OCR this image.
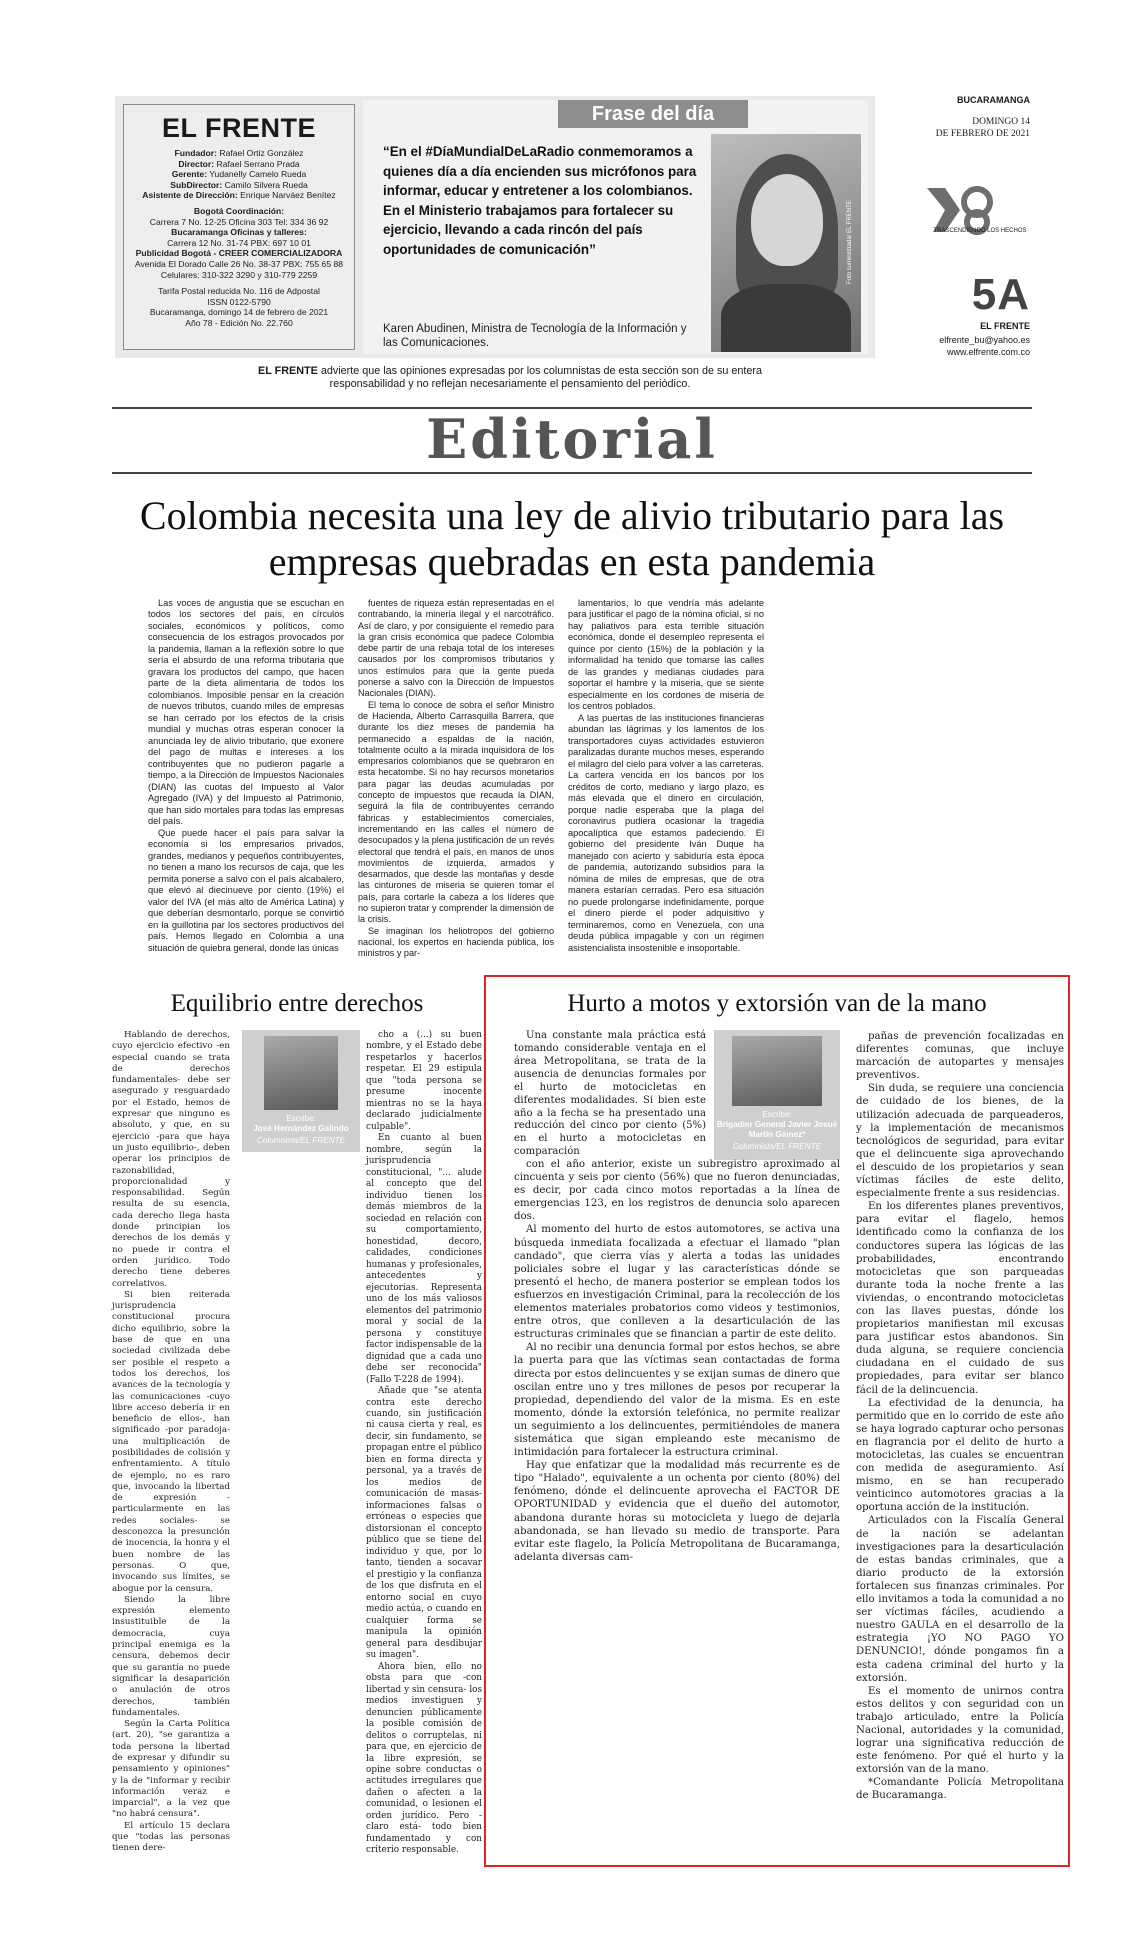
EL FRENTE
Fundador: Rafael Ortiz González
Director: Rafael Serrano Prada
Gerente: Yudanelly Camelo Rueda
SubDirector: Camilo Silvera Rueda
Asistente de Dirección: Enrique Narváez Benítez
Bogotá Coordinación:
Carrera 7 No. 12-25 Oficina 303 Tel: 334 36 92
Bucaramanga Oficinas y talleres:
Carrera 12 No. 31-74 PBX: 697 10 01
Publicidad Bogotá - CREER COMERCIALIZADORA
Avenida El Dorado Calle 26 No. 38-37 PBX: 755 65 88
Celulares: 310-322 3290 y 310-779 2259
Tarifa Postal reducida No. 116 de Adpostal
ISSN 0122-5790
Bucaramanga, domingo 14 de febrero de 2021
Año 78 - Edición No. 22.760
Frase del día
“En el #DíaMundialDeLaRadio conmemoramos a quienes día a día encienden sus micrófonos para informar, educar y entretener a los colombianos. En el Ministerio trabajamos para fortalecer su ejercicio, llevando a cada rincón del país oportunidades de comunicación”
Karen Abudinen, Ministra de Tecnología de la Información y las Comunicaciones.
Foto suministrada/ EL FRENTE
BUCARAMANGA
DOMINGO 14
DE FEBRERO DE 2021
TRASCENDIENDO LOS HECHOS
5A
EL FRENTE
elfrente_bu@yahoo.es
www.elfrente.com.co
EL FRENTE advierte que las opiniones expresadas por los columnistas de esta sección son de su entera responsabilidad y no reflejan necesariamente el pensamiento del periódico.
Editorial
Colombia necesita una ley de alivio tributario para las empresas quebradas en esta pandemia

Las voces de angustia que se escuchan en todos los sectores del país, en círculos sociales, económicos y políticos, como consecuencia de los estragos provocados por la pandemia, llaman a la reflexión sobre lo que sería el absurdo de una reforma tributaria que gravara los productos del campo, que hacen parte de la dieta alimentaria de todos los colombianos. Imposible pensar en la creación de nuevos tributos, cuando miles de empresas se han cerrado por los efectos de la crisis mundial y muchas otras esperan conocer la anunciada ley de alivio tributario, que exonere del pago de multas e intereses a los contribuyentes que no pudieron pagarle a tiempo, a la Dirección de Impuestos Nacionales (DIAN) las cuotas del Impuesto al Valor Agregado (IVA) y del Impuesto al Patrimonio, que han sido mortales para todas las empresas del país.

Que puede hacer el país para salvar la economía si los empresarios privados, grandes, medianos y pequeños contribuyentes, no tienen a mano los recursos de caja, que les permita ponerse a salvo con el país alcabalero, que elevó al diecinueve por ciento (19%) el valor del IVA (el más alto de América Latina) y que deberían desmontarlo, porque se convirtió en la guillotina par los sectores productivos del país. Hemos llegado en Colombia a una situación de quiebra general, donde las únicas

fuentes de riqueza están representadas en el contrabando, la minería ilegal y el narcotráfico. Así de claro, y por consiguiente el remedio para la gran crisis económica que padece Colombia debe partir de una rebaja total de los intereses causados por los compromisos tributarios y unos estímulos para que la gente pueda ponerse a salvo con la Dirección de Impuestos Nacionales (DIAN).

El tema lo conoce de sobra el señor Ministro de Hacienda, Alberto Carrasquilla Barrera, que durante los diez meses de pandemia ha permanecido a espaldas de la nación, totalmente oculto a la mirada inquisidora de los empresarios colombianos que se quebraron en esta hecatombe. Si no hay recursos monetarios para pagar las deudas acumuladas por concepto de impuestos que recauda la DIAN, seguirá la fila de contribuyentes cerrando fábricas y establecimientos comerciales, incrementando en las calles el número de desocupados y la plena justificación de un revés electoral que tendrá el país, en manos de unos movimientos de izquierda, armados y desarmados, que desde las montañas y desde las cinturones de miseria se quieren tomar el país, para cortarle la cabeza a los líderes que no supieron tratar y comprender la dimensión de la crisis.

Se imaginan los heliotropos del gobierno nacional, los expertos en hacienda pública, los ministros y par-

lamentarios, lo que vendría más adelante para justificar el pago de la nómina oficial, si no hay paliativos para esta terrible situación económica, donde el desempleo representa el quince por ciento (15%) de la población y la informalidad ha tenido que tomarse las calles de las grandes y medianas ciudades para soportar el hambre y la miseria, que se siente especialmente en los cordones de miseria de los centros poblados.

A las puertas de las instituciones financieras abundan las lágrimas y los lamentos de los transportadores cuyas actividades estuvieron paralizadas durante muchos meses, esperando el milagro del cielo para volver a las carreteras. La cartera vencida en los bancos por los créditos de corto, mediano y largo plazo, es más elevada que el dinero en circulación, porque nadie esperaba que la plaga del coronavirus pudiera ocasionar la tragedia apocalíptica que estamos padeciendo. El gobierno del presidente Iván Duque ha manejado con acierto y sabiduría esta época de pandemia, autorizando subsidios para la nómina de miles de empresas, que de otra manera estarían cerradas. Pero esa situación no puede prolongarse indefinidamente, porque el dinero pierde el poder adquisitivo y terminaremos, como en Venezuela, con una deuda pública impagable y con un régimen asistencialista insostenible e insoportable.

Equilibrio entre derechos

Hablando de derechos, cuyo ejercicio efectivo -en especial cuando se trata de derechos fundamentales- debe ser asegurado y resguardado por el Estado, hemos de expresar que ninguno es absoluto, y que, en su ejercicio -para que haya un justo equilibrio-, deben operar los principios de razonabilidad, proporcionalidad y responsabilidad. Según resulta de su esencia, cada derecho llega hasta donde principian los derechos de los demás y no puede ir contra el orden jurídico. Todo derecho tiene deberes correlativos.

Si bien reiterada jurisprudencia constitucional procura dicho equilibrio, sobre la base de que en una sociedad civilizada debe ser posible el respeto a todos los derechos, los avances de la tecnología y las comunicaciones -cuyo libre acceso debería ir en beneficio de ellos-, han significado -por paradoja- una multiplicación de posibilidades de colisión y enfrentamiento. A título de ejemplo, no es raro que, invocando la libertad de expresión -particularmente en las redes sociales- se desconozca la presunción de inocencia, la honra y el buen nombre de las personas. O que, invocando sus límites, se abogue por la censura.

Siendo la libre expresión elemento insustituible de la democracia, cuya principal enemiga es la censura, debemos decir que su garantía no puede significar la desaparición o anulación de otros derechos, también fundamentales.

Según la Carta Política (art. 20), "se garantiza a toda persona la libertad de expresar y difundir su pensamiento y opiniones" y la de "informar y recibir información veraz e imparcial", a la vez que "no habrá censura".

El artículo 15 declara que "todas las personas tienen dere-

Escribe:
José Hernández Galindo
Columnista/EL FRENTE

cho a (...) su buen nombre, y el Estado debe respetarlos y hacerlos respetar. El 29 estipula que "toda persona se presume inocente mientras no se la haya declarado judicialmente culpable".

En cuanto al buen nombre, según la jurisprudencia constitucional, "... alude al concepto que del individuo tienen los demás miembros de la sociedad en relación con su comportamiento, honestidad, decoro, calidades, condiciones humanas y profesionales, antecedentes y ejecutorias. Representa uno de los más valiosos elementos del patrimonio moral y social de la persona y constituye factor indispensable de la dignidad que a cada uno debe ser reconocida" (Fallo T-228 de 1994).

Añade que "se atenta contra este derecho cuando, sin justificación ni causa cierta y real, es decir, sin fundamento, se propagan entre el público bien en forma directa y personal, ya a través de los medios de comunicación de masas- informaciones falsas o erróneas o especies que distorsionan el concepto público que se tiene del individuo y que, por lo tanto, tienden a socavar el prestigio y la confianza de los que disfruta en el entorno social en cuyo medio actúa, o cuando en cualquier forma se manipula la opinión general para desdibujar su imagen".

Ahora bien, ello no obsta para que -con libertad y sin censura- los medios investiguen y denuncien públicamente la posible comisión de delitos o corruptelas, ni para que, en ejercicio de la libre expresión, se opine sobre conductas o actitudes irregulares que dañen o afecten a la comunidad, o lesionen el orden jurídico. Pero -claro está- todo bien fundamentado y con criterio responsable.

Hurto a motos y extorsión van de la mano

Una constante mala práctica está tomando considerable ventaja en el área Metropolitana, se trata de la ausencia de denuncias formales por el hurto de motocicletas en diferentes modalidades. Si bien este año a la fecha se ha presentado una reducción del cinco por ciento (5%) en el hurto a motocicletas en comparación

Escribe:
Brigadier General Javier Josué Martín Gámez*
Columnista/EL FRENTE

con el año anterior, existe un subregistro aproximado al cincuenta y seis por ciento (56%) que no fueron denunciadas, es decir, por cada cinco motos reportadas a la línea de emergencias 123, en los registros de denuncia solo aparecen dos.

Al momento del hurto de estos automotores, se activa una búsqueda inmediata focalizada a efectuar el llamado "plan candado", que cierra vías y alerta a todas las unidades policiales sobre el lugar y las características dónde se presentó el hecho, de manera posterior se emplean todos los esfuerzos en investigación Criminal, para la recolección de los elementos materiales probatorios como videos y testimonios, entre otros, que conlleven a la desarticulación de las estructuras criminales que se financian a partir de este delito.

Al no recibir una denuncia formal por estos hechos, se abre la puerta para que las víctimas sean contactadas de forma directa por estos delincuentes y se exijan sumas de dinero que oscilan entre uno y tres millones de pesos por recuperar la propiedad, dependiendo del valor de la misma. Es en este momento, dónde la extorsión telefónica, no permite realizar un seguimiento a los delincuentes, permitiéndoles de manera sistemática que sigan empleando este mecanismo de intimidación para fortalecer la estructura criminal.

Hay que enfatizar que la modalidad más recurrente es de tipo "Halado", equivalente a un ochenta por ciento (80%) del fenómeno, dónde el delincuente aprovecha el FACTOR DE OPORTUNIDAD y evidencia que el dueño del automotor, abandona durante horas su motocicleta y luego de dejarla abandonada, se han llevado su medio de transporte. Para evitar este flagelo, la Policía Metropolitana de Bucaramanga, adelanta diversas cam-

pañas de prevención focalizadas en diferentes comunas, que incluye marcación de autopartes y mensajes preventivos.

Sin duda, se requiere una conciencia de cuidado de los bienes, de la utilización adecuada de parqueaderos, y la implementación de mecanismos tecnológicos de seguridad, para evitar que el delincuente siga aprovechando el descuido de los propietarios y sean víctimas fáciles de este delito, especialmente frente a sus residencias.

En los diferentes planes preventivos, para evitar el flagelo, hemos identificado como la confianza de los conductores supera las lógicas de las probabilidades, encontrando motocicletas que son parqueadas durante toda la noche frente a las viviendas, o encontrando motocicletas con las llaves puestas, dónde los propietarios manifiestan mil excusas para justificar estos abandonos. Sin duda alguna, se requiere conciencia ciudadana en el cuidado de sus propiedades, para evitar ser blanco fácil de la delincuencia.

La efectividad de la denuncia, ha permitido que en lo corrido de este año se haya logrado capturar ocho personas en flagrancia por el delito de hurto a motocicletas, las cuales se encuentran con medida de aseguramiento. Así mismo, en se han recuperado veinticinco automotores gracias a la oportuna acción de la institución.

Articulados con la Fiscalía General de la nación se adelantan investigaciones para la desarticulación de estas bandas criminales, que a diario producto de la extorsión fortalecen sus finanzas criminales. Por ello invitamos a toda la comunidad a no ser víctimas fáciles, acudiendo a nuestro GAULA en el desarrollo de la estrategia ¡YO NO PAGO YO DENUNCIO!, dónde pongamos fin a esta cadena criminal del hurto y la extorsión.

Es el momento de unirnos contra estos delitos y con seguridad con un trabajo articulado, entre la Policía Nacional, autoridades y la comunidad, lograr una significativa reducción de este fenómeno. Por qué el hurto y la extorsión van de la mano.

*Comandante Policía Metropolitana de Bucaramanga.
